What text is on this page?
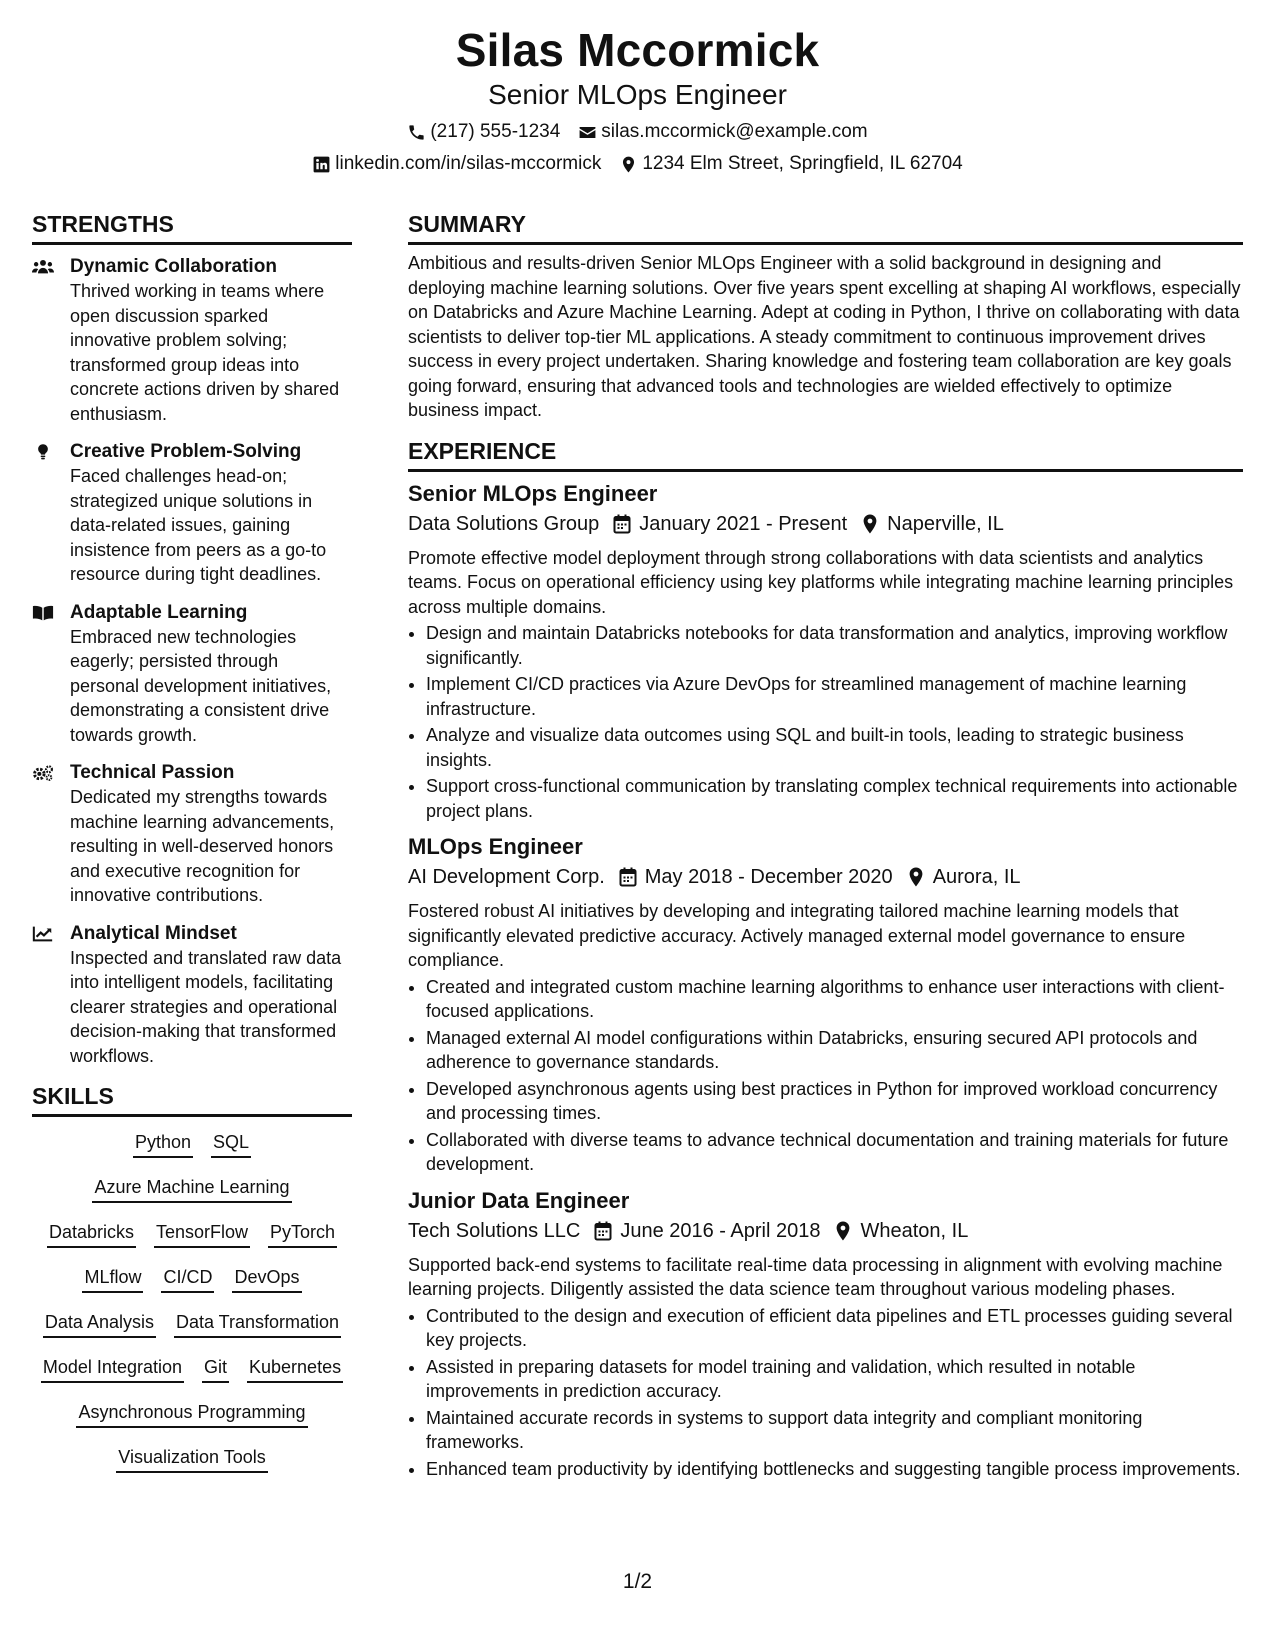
Silas Mccormick
Senior MLOps Engineer
(217) 555-1234 silas.mccormick@example.com
linkedin.com/in/silas-mccormick 1234 Elm Street, Springfield, IL 62704
STRENGTHS
Dynamic Collaboration
Thrived working in teams where open discussion sparked innovative problem solving; transformed group ideas into concrete actions driven by shared enthusiasm.
Creative Problem-Solving
Faced challenges head-on; strategized unique solutions in data-related issues, gaining insistence from peers as a go-to resource during tight deadlines.
Adaptable Learning
Embraced new technologies eagerly; persisted through personal development initiatives, demonstrating a consistent drive towards growth.
Technical Passion
Dedicated my strengths towards machine learning advancements, resulting in well-deserved honors and executive recognition for innovative contributions.
Analytical Mindset
Inspected and translated raw data into intelligent models, facilitating clearer strategies and operational decision-making that transformed workflows.
SKILLS
Python SQL
Azure Machine Learning
Databricks TensorFlow PyTorch
MLflow CI/CD DevOps
Data Analysis Data Transformation
Model Integration Git Kubernetes
Asynchronous Programming
Visualization Tools
SUMMARY
Ambitious and results-driven Senior MLOps Engineer with a solid background in designing and deploying machine learning solutions. Over five years spent excelling at shaping AI workflows, especially on Databricks and Azure Machine Learning. Adept at coding in Python, I thrive on collaborating with data scientists to deliver top-tier ML applications. A steady commitment to continuous improvement drives success in every project undertaken. Sharing knowledge and fostering team collaboration are key goals going forward, ensuring that advanced tools and technologies are wielded effectively to optimize business impact.
EXPERIENCE
Senior MLOps Engineer
Data Solutions Group January 2021 - Present Naperville, IL
Promote effective model deployment through strong collaborations with data scientists and analytics teams. Focus on operational efficiency using key platforms while integrating machine learning principles across multiple domains.
• Design and maintain Databricks notebooks for data transformation and analytics, improving workflow significantly.
• Implement CI/CD practices via Azure DevOps for streamlined management of machine learning infrastructure.
• Analyze and visualize data outcomes using SQL and built-in tools, leading to strategic business insights.
• Support cross-functional communication by translating complex technical requirements into actionable project plans.
MLOps Engineer
AI Development Corp. May 2018 - December 2020 Aurora, IL
Fostered robust AI initiatives by developing and integrating tailored machine learning models that significantly elevated predictive accuracy. Actively managed external model governance to ensure compliance.
• Created and integrated custom machine learning algorithms to enhance user interactions with client-focused applications.
• Managed external AI model configurations within Databricks, ensuring secured API protocols and adherence to governance standards.
• Developed asynchronous agents using best practices in Python for improved workload concurrency and processing times.
• Collaborated with diverse teams to advance technical documentation and training materials for future development.
Junior Data Engineer
Tech Solutions LLC June 2016 - April 2018 Wheaton, IL
Supported back-end systems to facilitate real-time data processing in alignment with evolving machine learning projects. Diligently assisted the data science team throughout various modeling phases.
• Contributed to the design and execution of efficient data pipelines and ETL processes guiding several key projects.
• Assisted in preparing datasets for model training and validation, which resulted in notable improvements in prediction accuracy.
• Maintained accurate records in systems to support data integrity and compliant monitoring frameworks.
• Enhanced team productivity by identifying bottlenecks and suggesting tangible process improvements.
1/2
